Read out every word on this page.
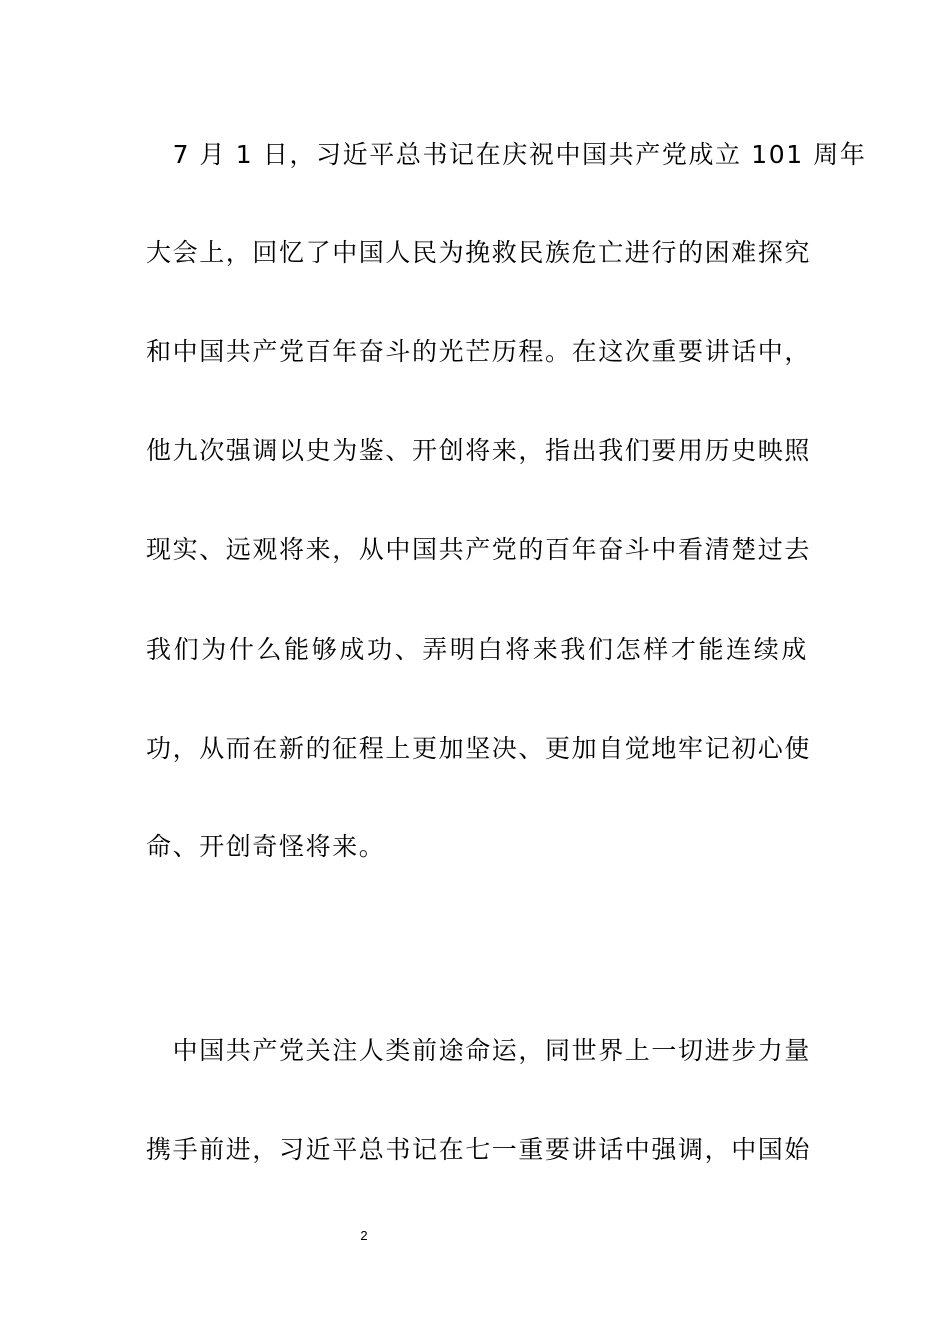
　7 月 1 日，习近平总书记在庆祝中国共产党成立 101 周年
大会上，回忆了中国人民为挽救民族危亡进行的困难探究
和中国共产党百年奋斗的光芒历程。在这次重要讲话中，
他九次强调以史为鉴、开创将来，指出我们要用历史映照
现实、远观将来，从中国共产党的百年奋斗中看清楚过去
我们为什么能够成功、弄明白将来我们怎样才能连续成
功，从而在新的征程上更加坚决、更加自觉地牢记初心使
命、开创奇怪将来。
　中国共产党关注人类前途命运，同世界上一切进步力量
携手前进，习近平总书记在七一重要讲话中强调，中国始
2
